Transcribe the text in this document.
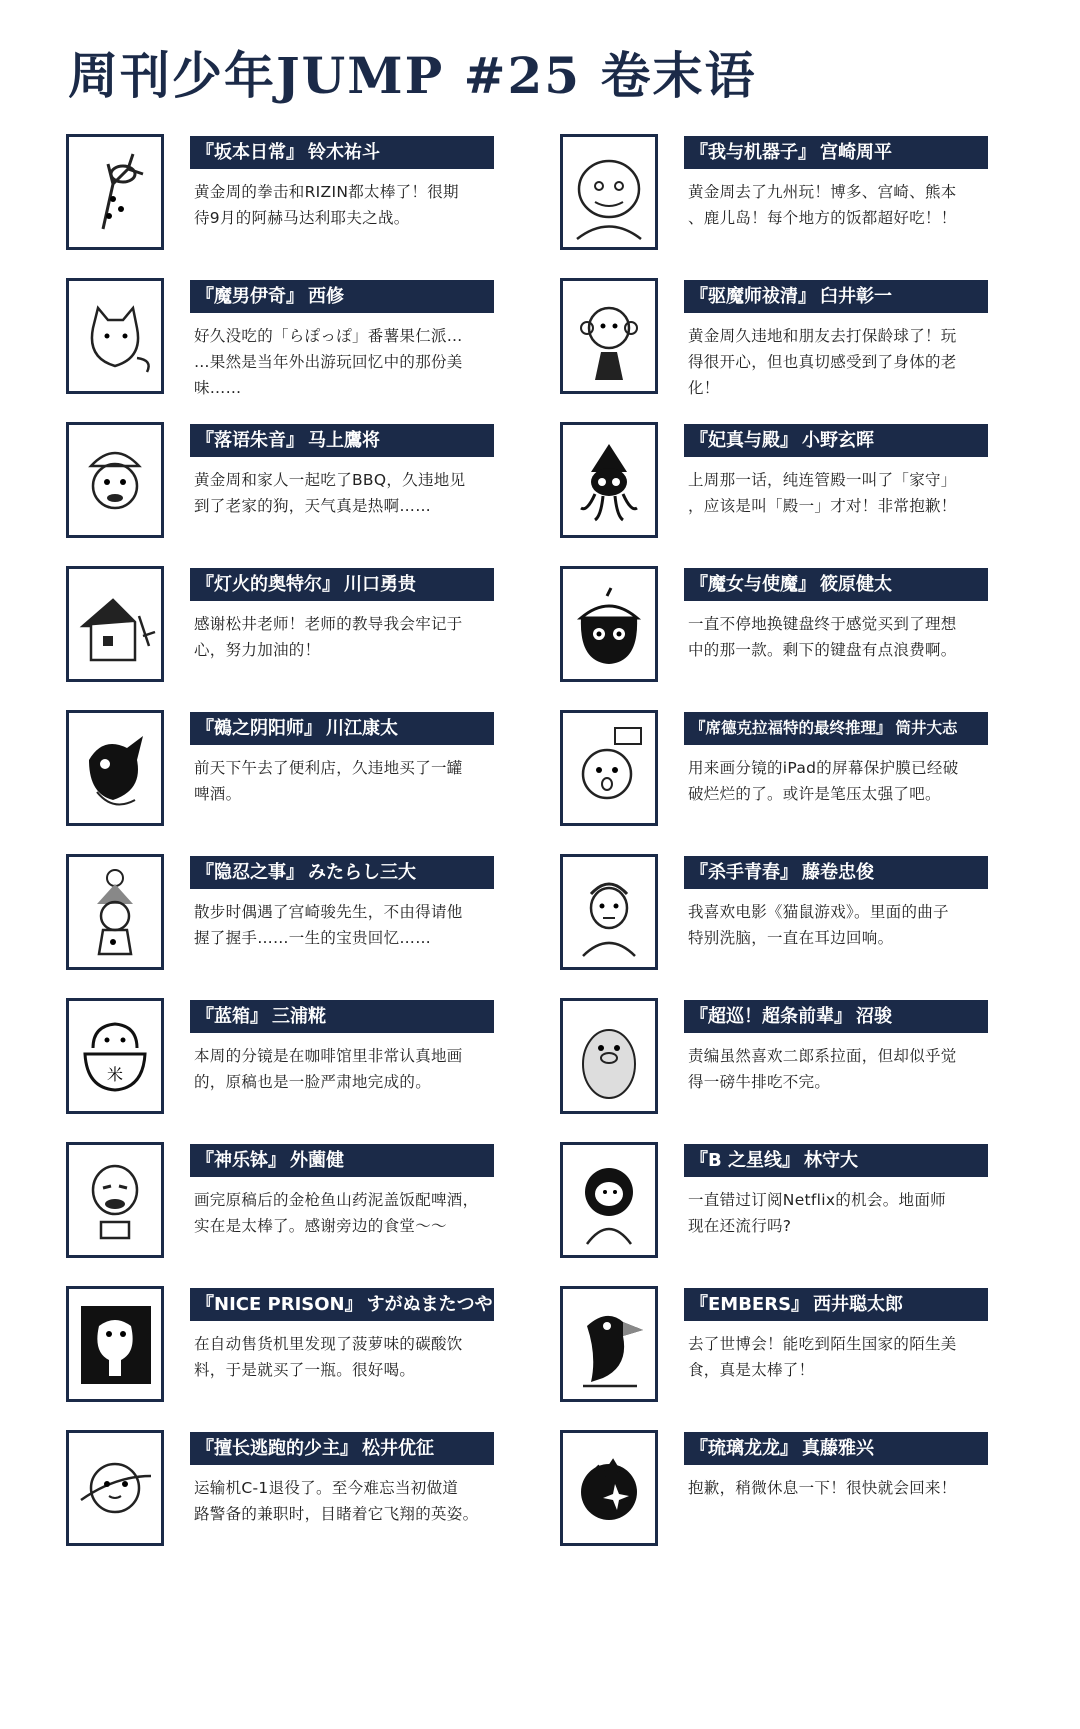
周刊少年JUMP #25 卷末语
『坂本日常』 铃木祐斗
黄金周的拳击和RIZIN都太棒了！很期
待9月的阿赫马达利耶夫之战。
『我与机器子』 宫崎周平
黄金周去了九州玩！博多、宫崎、熊本
、鹿儿岛！每个地方的饭都超好吃！！
『魔男伊奇』 西修
好久没吃的「らぽっぽ」番薯果仁派…
…果然是当年外出游玩回忆中的那份美
味……
『驱魔师祓清』 臼井彰一
黄金周久违地和朋友去打保龄球了！玩
得很开心，但也真切感受到了身体的老
化！
『落语朱音』 马上鷹将
黄金周和家人一起吃了BBQ，久违地见
到了老家的狗，天气真是热啊……
『妃真与殿』 小野玄晖
上周那一话，纯连管殿一叫了「家守」
，应该是叫「殿一」才对！非常抱歉！
『灯火的奥特尔』 川口勇贵
感谢松井老师！老师的教导我会牢记于
心，努力加油的！
『魔女与使魔』 筱原健太
一直不停地换键盘终于感觉买到了理想
中的那一款。剩下的键盘有点浪费啊。
『鵺之阴阳师』 川江康太
前天下午去了便利店，久违地买了一罐
啤酒。
『席德克拉福特的最终推理』 筒井大志
用来画分镜的iPad的屏幕保护膜已经破
破烂烂的了。或许是笔压太强了吧。
『隐忍之事』 みたらし三大
散步时偶遇了宫崎骏先生，不由得请他
握了握手……一生的宝贵回忆……
『杀手青春』 藤卷忠俊
我喜欢电影《猫鼠游戏》。里面的曲子
特别洗脑，一直在耳边回响。
米
『蓝箱』 三浦糀
本周的分镜是在咖啡馆里非常认真地画
的，原稿也是一脸严肃地完成的。
『超巡！超条前辈』 沼骏
责编虽然喜欢二郎系拉面，但却似乎觉
得一磅牛排吃不完。
『神乐钵』 外薗健
画完原稿后的金枪鱼山药泥盖饭配啤酒，
实在是太棒了。感谢旁边的食堂～～
『B 之星线』 林守大
一直错过订阅Netflix的机会。地面师
现在还流行吗?
『NICE PRISON』 すがぬまたつや
在自动售货机里发现了菠萝味的碳酸饮
料，于是就买了一瓶。很好喝。
『EMBERS』 西井聪太郎
去了世博会！能吃到陌生国家的陌生美
食，真是太棒了！
『擅长逃跑的少主』 松井优征
运输机C-1退役了。至今难忘当初做道
路警备的兼职时，目睹着它飞翔的英姿。
『琉璃龙龙』 真藤雅兴
抱歉，稍微休息一下！很快就会回来！
